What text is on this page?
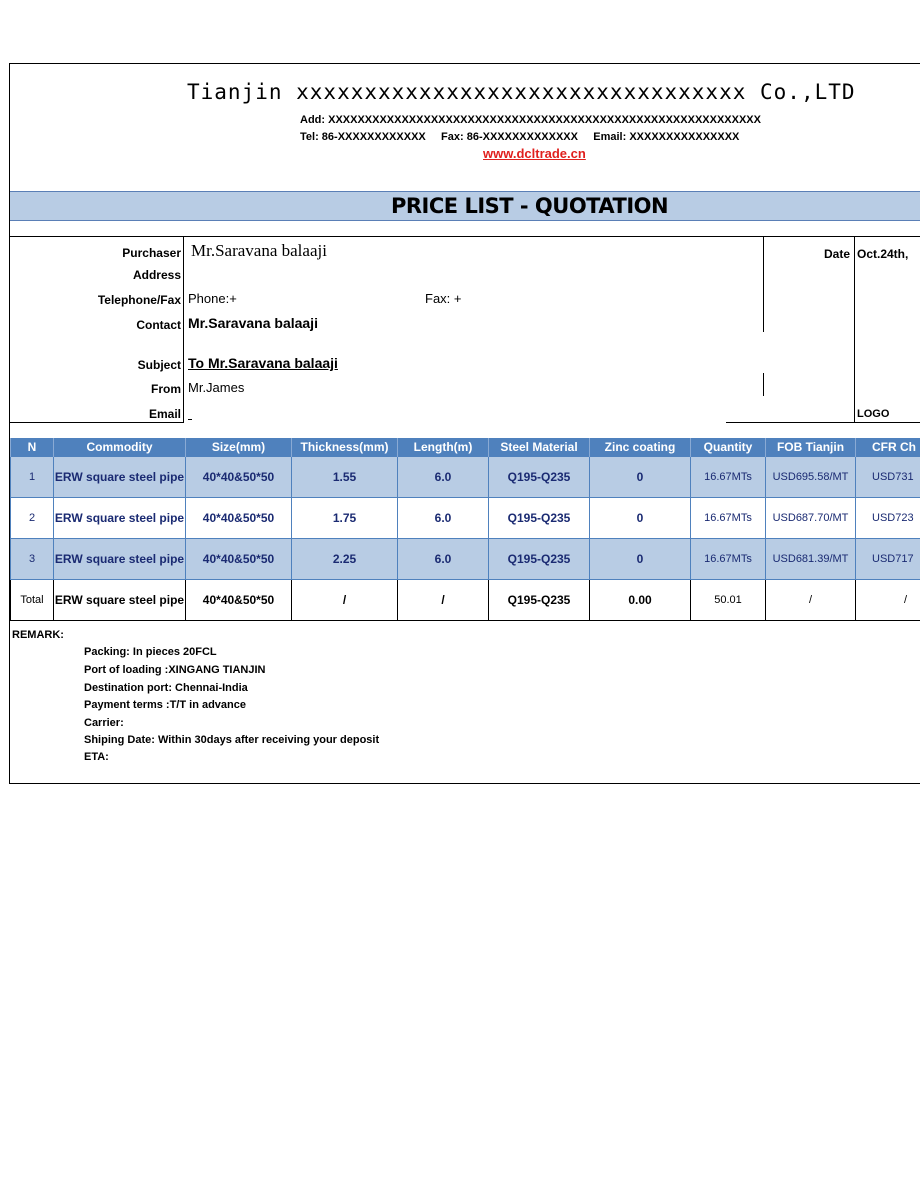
Tianjin xxxxxxxxxxxxxxxxxxxxxxxxxxxxxxxxx Co.,LTD
Add: XXXXXXXXXXXXXXXXXXXXXXXXXXXXXXXXXXXXXXXXXXXXXXXXXXXXXXXXXXX
Tel: 86-XXXXXXXXXXXX Fax: 86-XXXXXXXXXXXXX Email: XXXXXXXXXXXXXXX
www.dcltrade.cn
PRICE LIST - QUOTATION
Purchaser Mr.Saravana balaaji
Address
Telephone/Fax Phone:+	Fax: +
Contact Mr.Saravana balaaji
Subject To Mr.Saravana balaaji
From Mr.James
Email
Date Oct.24th,
LOGO
N	Commodity	Size(mm)	Thickness(mm)	Length(m)	Steel Material	Zinc coating	Quantity	FOB Tianjin	CFR Ch
1	ERW square steel pipe	40*40&50*50	1.55	6.0	Q195-Q235	0	16.67MTs	USD695.58/MT	USD731
2	ERW square steel pipe	40*40&50*50	1.75	6.0	Q195-Q235	0	16.67MTs	USD687.70/MT	USD723
3	ERW square steel pipe	40*40&50*50	2.25	6.0	Q195-Q235	0	16.67MTs	USD681.39/MT	USD717
Total	ERW square steel pipe	40*40&50*50	/	/	Q195-Q235	0.00	50.01	/	/
REMARK:
Packing: In pieces 20FCL
Port of loading :XINGANG TIANJIN
Destination port: Chennai-India
Payment terms :T/T in advance
Carrier:
Shiping Date: Within 30days after receiving your deposit
ETA:
